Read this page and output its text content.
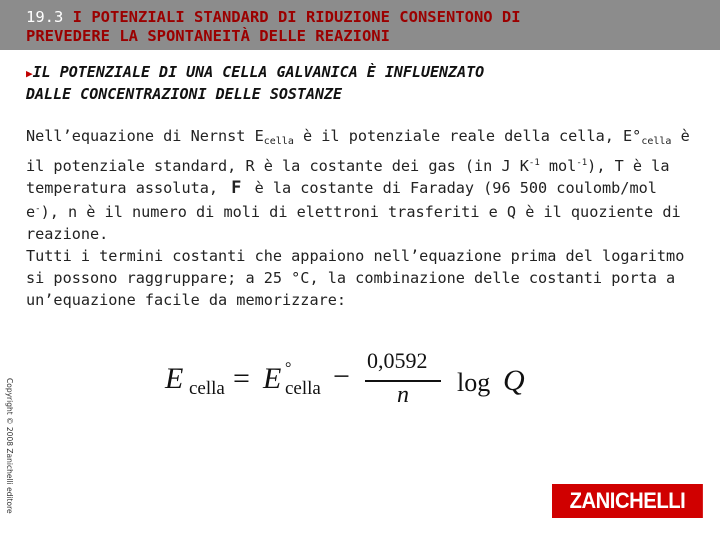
19.3 I POTENZIALI STANDARD DI RIDUZIONE CONSENTONO DI
PREVEDERE LA SPONTANEITÀ DELLE REAZIONI
▶IL POTENZIALE DI UNA CELLA GALVANICA È INFLUENZATO
DALLE CONCENTRAZIONI DELLE SOSTANZE
Nell’equazione di Nernst $E_{cella}$ è il potenziale reale della cella, $E^\circ_{cella}$ è il potenziale standard, R è la costante dei gas (in J $K^{-1}$ mol$^{-1}$), T è la temperatura assoluta, F è la costante di Faraday (96 500 coulomb/mol e-), n è il numero di moli di elettroni trasferiti e Q è il quoziente di reazione.
Tutti i termini costanti che appaiono nell’equazione prima del logaritmo si possono raggruppare; a 25 °C, la combinazione delle costanti porta a un’equazione facile da memorizzare:
E cella = E °
cella − 0,0592
n log Q
Copyright © 2008 Zanichelli editore	ZANICHELLI
